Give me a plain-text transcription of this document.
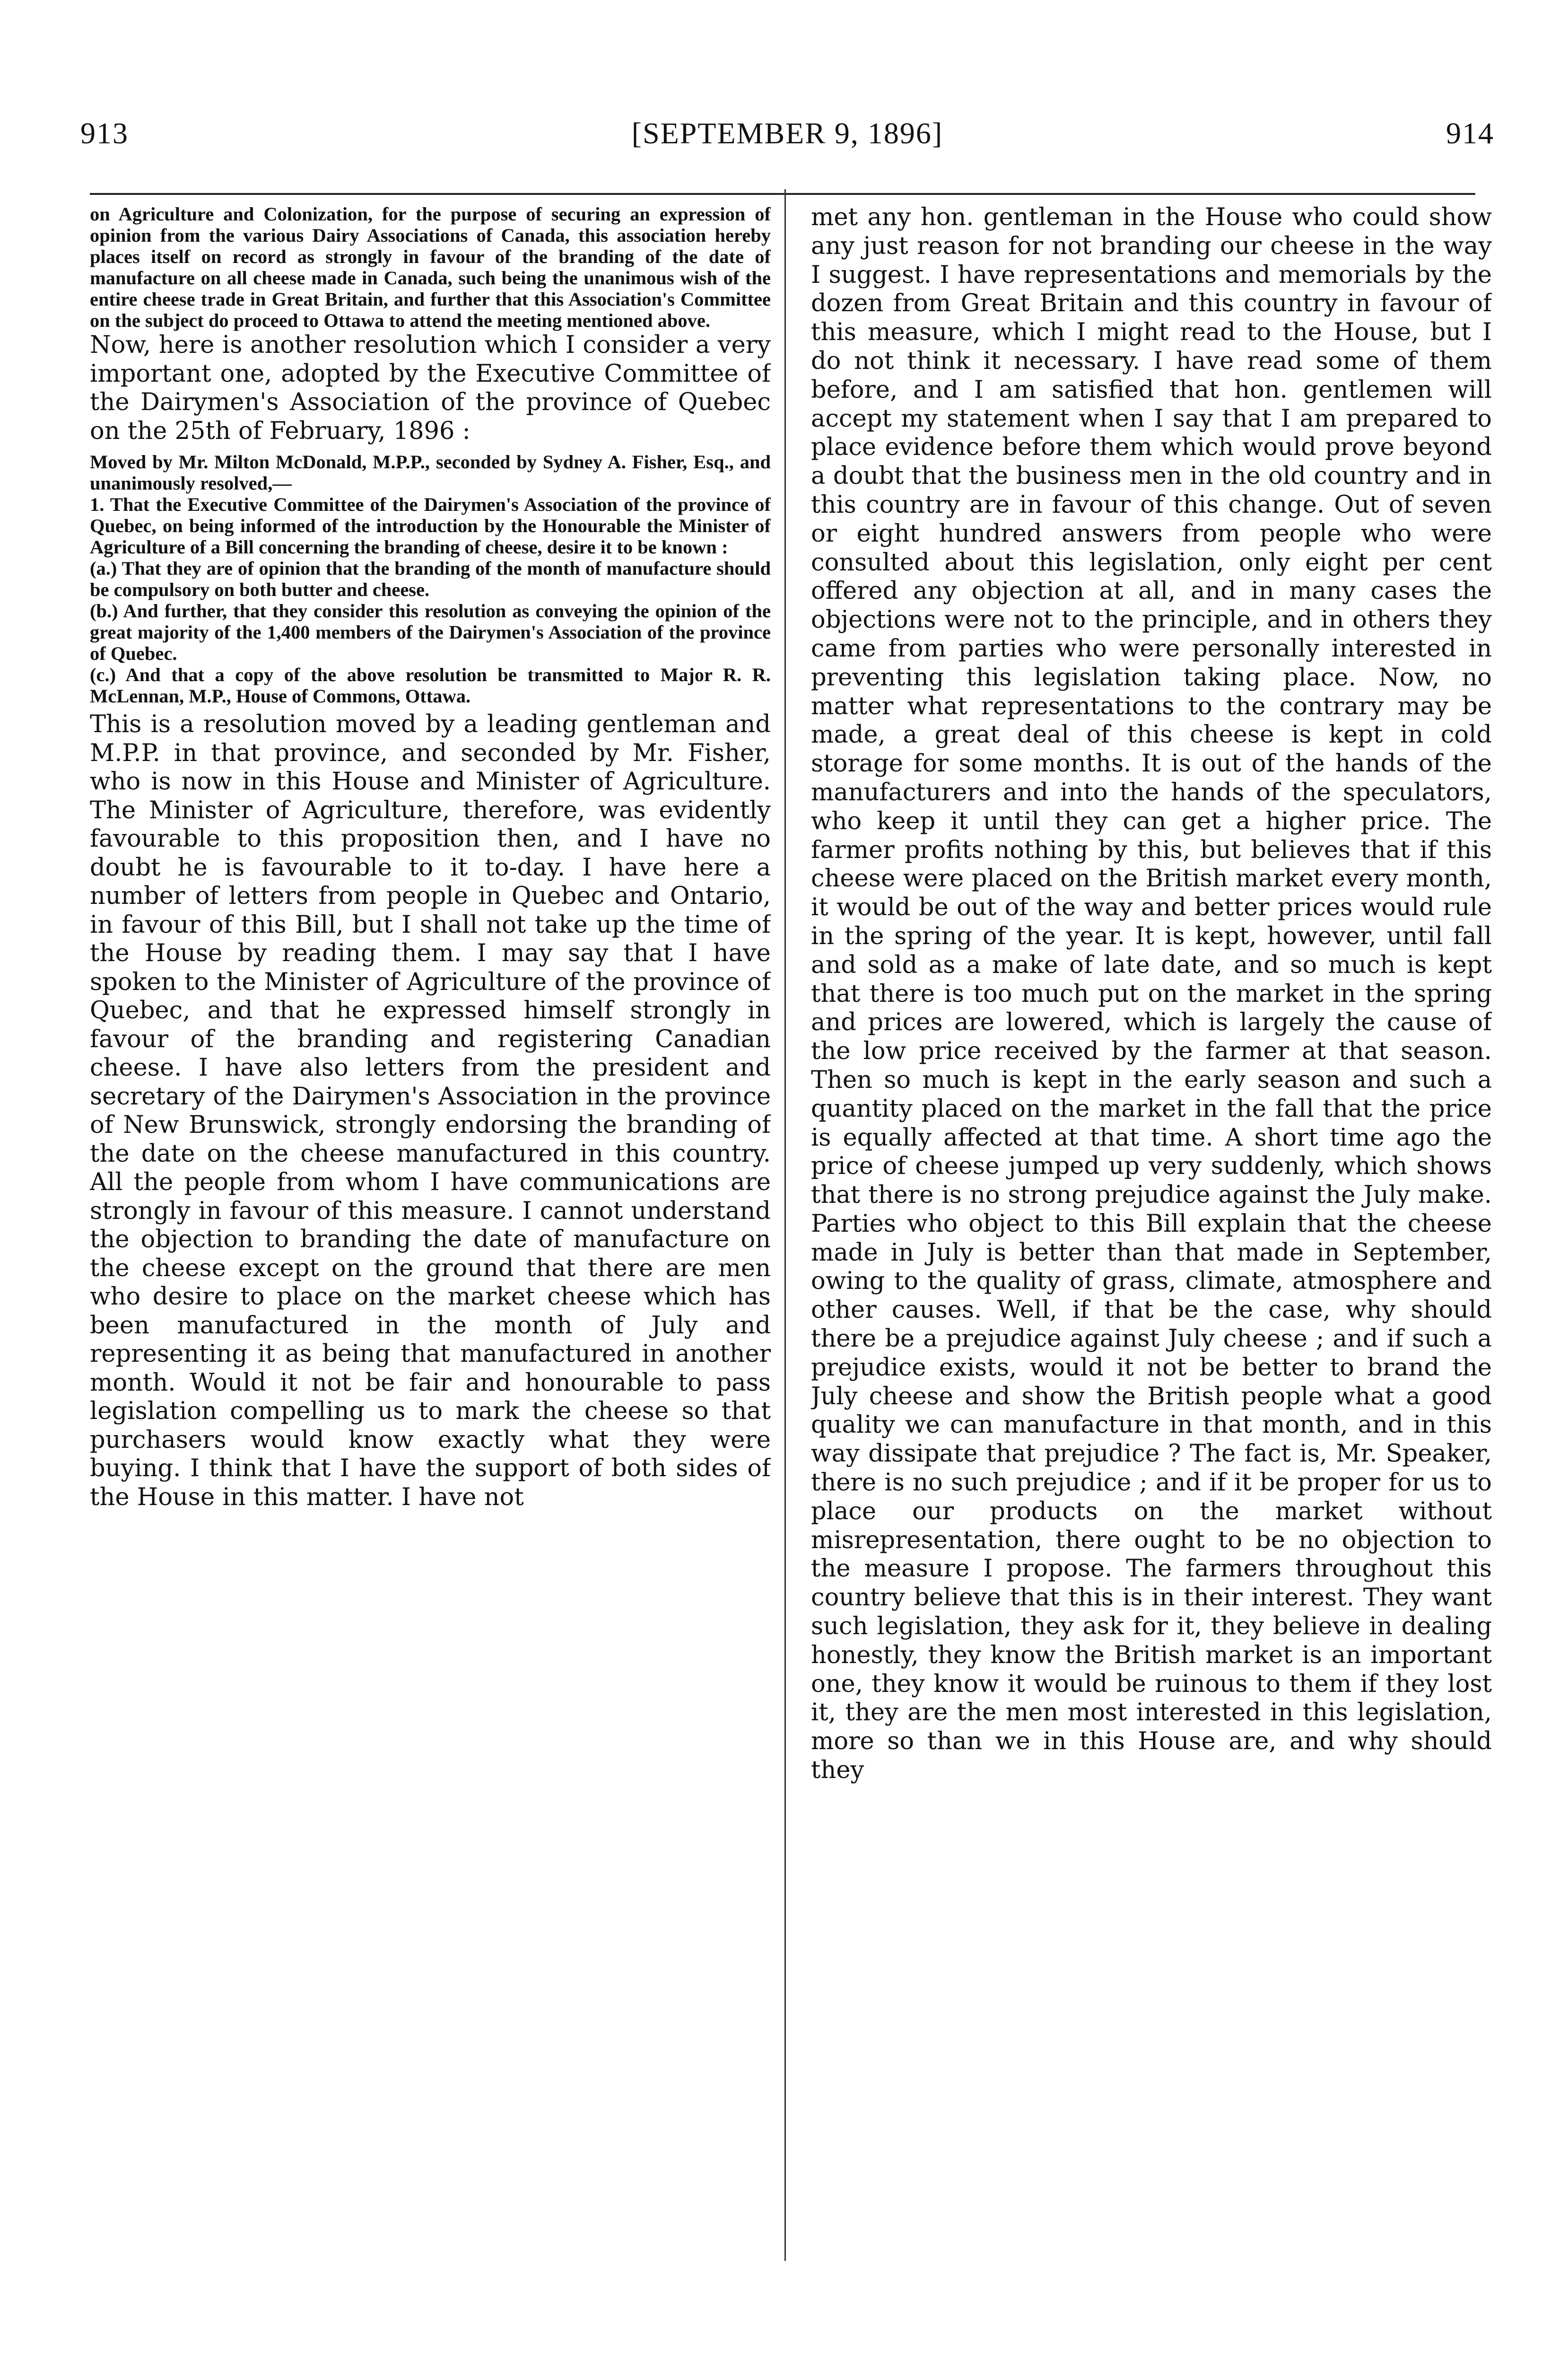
913	[SEPTEMBER 9, 1896]	914

on Agriculture and Colonization, for the purpose of securing an expression of opinion from the various Dairy Associations of Canada, this association hereby places itself on record as strongly in favour of the branding of the date of manufacture on all cheese made in Canada, such being the unanimous wish of the entire cheese trade in Great Britain, and further that this Association's Committee on the subject do proceed to Ottawa to attend the meeting mentioned above.

Now, here is another resolution which I consider a very important one, adopted by the Executive Committee of the Dairymen's Association of the province of Quebec on the 25th of February, 1896 :

Moved by Mr. Milton McDonald, M.P.P., seconded by Sydney A. Fisher, Esq., and unanimously resolved,—

1. That the Executive Committee of the Dairymen's Association of the province of Quebec, on being informed of the introduction by the Honourable the Minister of Agriculture of a Bill concerning the branding of cheese, desire it to be known :

(a.) That they are of opinion that the branding of the month of manufacture should be compulsory on both butter and cheese.

(b.) And further, that they consider this resolution as conveying the opinion of the great majority of the 1,400 members of the Dairymen's Association of the province of Quebec.

(c.) And that a copy of the above resolution be transmitted to Major R. R. McLennan, M.P., House of Commons, Ottawa.

This is a resolution moved by a leading gentleman and M.P.P. in that province, and seconded by Mr. Fisher, who is now in this House and Minister of Agriculture. The Minister of Agriculture, therefore, was evidently favourable to this proposition then, and I have no doubt he is favourable to it to-day. I have here a number of letters from people in Quebec and Ontario, in favour of this Bill, but I shall not take up the time of the House by reading them. I may say that I have spoken to the Minister of Agriculture of the province of Quebec, and that he expressed himself strongly in favour of the branding and registering Canadian cheese. I have also letters from the president and secretary of the Dairymen's Association in the province of New Brunswick, strongly endorsing the branding of the date on the cheese manufactured in this country. All the people from whom I have communications are strongly in favour of this measure. I cannot understand the objection to branding the date of manufacture on the cheese except on the ground that there are men who desire to place on the market cheese which has been manufactured in the month of July and representing it as being that manufactured in another month. Would it not be fair and honourable to pass legislation compelling us to mark the cheese so that purchasers would know exactly what they were buying. I think that I have the support of both sides of the House in this matter. I have not

met any hon. gentleman in the House who could show any just reason for not branding our cheese in the way I suggest. I have representations and memorials by the dozen from Great Britain and this country in favour of this measure, which I might read to the House, but I do not think it necessary. I have read some of them before, and I am satisfied that hon. gentlemen will accept my statement when I say that I am prepared to place evidence before them which would prove beyond a doubt that the business men in the old country and in this country are in favour of this change. Out of seven or eight hundred answers from people who were consulted about this legislation, only eight per cent offered any objection at all, and in many cases the objections were not to the principle, and in others they came from parties who were personally interested in preventing this legislation taking place. Now, no matter what representations to the contrary may be made, a great deal of this cheese is kept in cold storage for some months. It is out of the hands of the manufacturers and into the hands of the speculators, who keep it until they can get a higher price. The farmer profits nothing by this, but believes that if this cheese were placed on the British market every month, it would be out of the way and better prices would rule in the spring of the year. It is kept, however, until fall and sold as a make of late date, and so much is kept that there is too much put on the market in the spring and prices are lowered, which is largely the cause of the low price received by the farmer at that season. Then so much is kept in the early season and such a quantity placed on the market in the fall that the price is equally affected at that time. A short time ago the price of cheese jumped up very suddenly, which shows that there is no strong prejudice against the July make. Parties who object to this Bill explain that the cheese made in July is better than that made in September, owing to the quality of grass, climate, atmosphere and other causes. Well, if that be the case, why should there be a prejudice against July cheese ; and if such a prejudice exists, would it not be better to brand the July cheese and show the British people what a good quality we can manufacture in that month, and in this way dissipate that prejudice ? The fact is, Mr. Speaker, there is no such prejudice ; and if it be proper for us to place our products on the market without misrepresentation, there ought to be no objection to the measure I propose. The farmers throughout this country believe that this is in their interest. They want such legislation, they ask for it, they believe in dealing honestly, they know the British market is an important one, they know it would be ruinous to them if they lost it, they are the men most interested in this legislation, more so than we in this House are, and why should they
